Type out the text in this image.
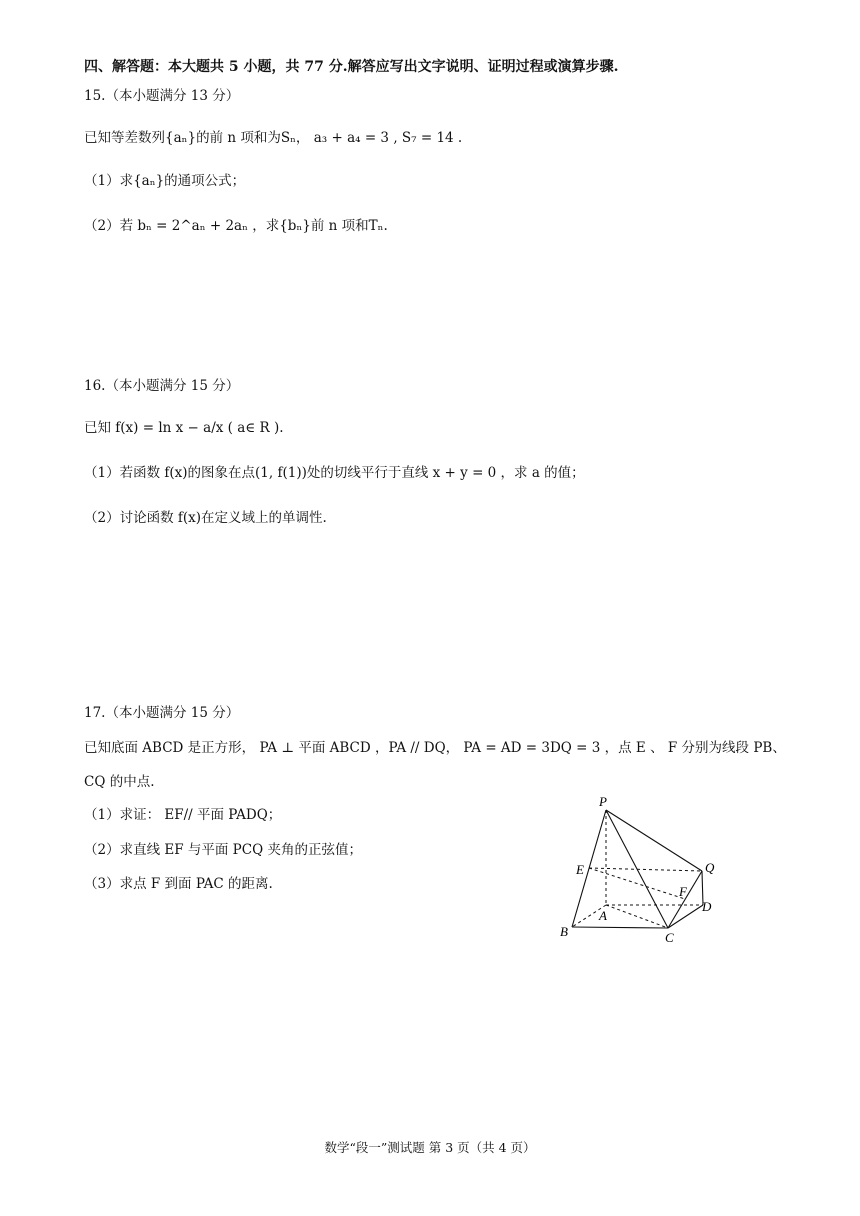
四、解答题：本大题共 5 小题，共 77 分.解答应写出文字说明、证明过程或演算步骤.
15.（本小题满分 13 分）
已知等差数列{aₙ}的前 n 项和为Sₙ， a₃ + a₄ = 3 , S₇ = 14 .
（1）求{aₙ}的通项公式；
（2）若 bₙ = 2^aₙ + 2aₙ ，求{bₙ}前 n 项和Tₙ.
16.（本小题满分 15 分）
已知 f(x) = ln x − a/x ( a∈ R ).
（1）若函数 f(x)的图象在点(1, f(1))处的切线平行于直线 x + y = 0 ，求 a 的值；
（2）讨论函数 f(x)在定义域上的单调性.
17.（本小题满分 15 分）
已知底面 ABCD 是正方形， PA ⊥ 平面 ABCD ，PA // DQ， PA = AD = 3DQ = 3 ，点 E 、 F 分别为线段 PB、
CQ 的中点.
（1）求证： EF// 平面 PADQ；
（2）求直线 EF 与平面 PCQ 夹角的正弦值；
（3）求点 F 到面 PAC 的距离.
P
Q
E
F
A
D
B	C
数学“段一”测试题 第 3 页（共 4 页）
